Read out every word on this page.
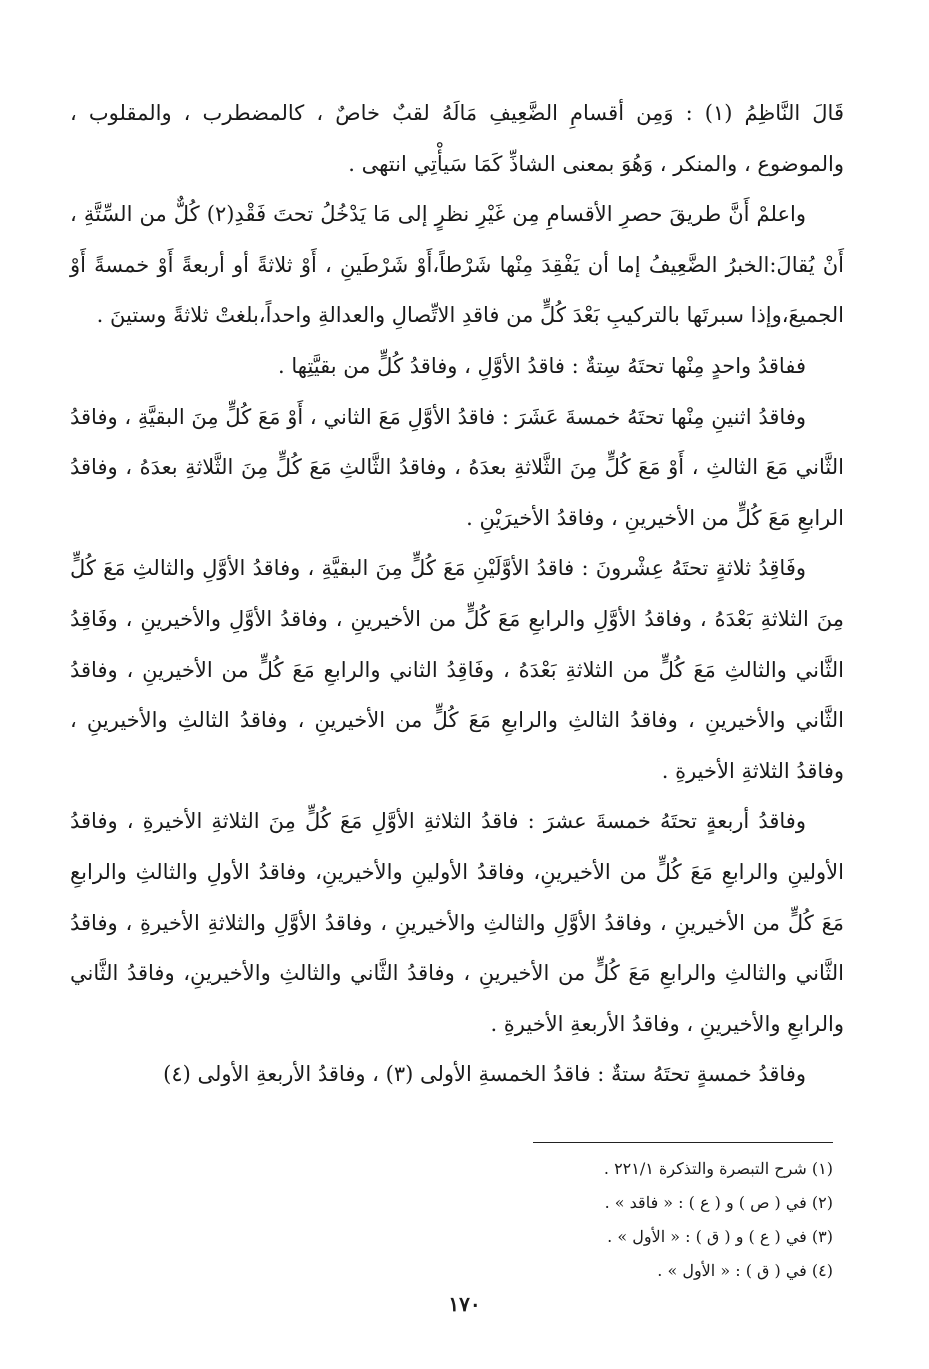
قَالَ النَّاظِمُ (١) : وَمِن أقسامِ الضَّعِيفِ مَالَهُ لقبٌ خاصٌ ، كالمضطرب ، والمقلوب ، والموضوع ، والمنكر ، وَهُوَ بمعنى الشاذِّ كَمَا سَيأْتِي انتهى .

واعلمْ أَنَّ طريقَ حصرِ الأقسامِ مِن غَيْرِ نظرٍ إلى مَا يَدْخُلُ تحتَ فَقْدِ(٢) كُلٌّ من السِّتَّةِ ، أَنْ يُقالَ:الخبرُ الضَّعِيفُ إما أن يَفْقِدَ مِنْها شَرْطاً،أَوْ شَرْطَينِ ، أَوْ ثلاثةً أو أربعةً أَوْ خمسةً أَوْ الجميعَ،وإذا سبرتَها بالتركيبِ بَعْدَ كُلٍّ من فاقدِ الاتِّصالِ والعدالةِ واحداً،بلغتْ ثلاثةً وستينَ .

ففاقدُ واحدٍ مِنْها تحتَهُ سِتةٌ : فاقدُ الأوَّلِ ، وفاقدُ كُلٍّ من بقيَّتِها .

وفاقدُ اثنينِ مِنْها تحتَهُ خمسةَ عَشَرَ : فاقدُ الأوَّلِ مَعَ الثاني ، أَوْ مَعَ كُلٍّ مِنَ البقيَّةِ ، وفاقدُ الثَّاني مَعَ الثالثِ ، أَوْ مَعَ كُلٍّ مِنَ الثَّلاثةِ بعدَهُ ، وفاقدُ الثَّالثِ مَعَ كُلٍّ مِنَ الثَّلاثةِ بعدَهُ ، وفاقدُ الرابعِ مَعَ كُلٍّ من الأخيرينِ ، وفاقدُ الأخيرَيْنِ .

وفَاقِدُ ثلاثةٍ تحتَهُ عِشْرونَ : فاقدُ الأوَّلَيْنِ مَعَ كُلٍّ مِنَ البقيَّةِ ، وفاقدُ الأوَّلِ والثالثِ مَعَ كُلٍّ مِنَ الثلاثةِ بَعْدَهُ ، وفاقدُ الأوَّلِ والرابعِ مَعَ كُلٍّ من الأخيرينِ ، وفاقدُ الأوَّلِ والأخيرينِ ، وفَاقِدُ الثَّاني والثالثِ مَعَ كُلٍّ من الثلاثةِ بَعْدَهُ ، وفَاقِدُ الثاني والرابعِ مَعَ كُلٍّ من الأخيرينِ ، وفاقدُ الثَّاني والأخيرينِ ، وفاقدُ الثالثِ والرابعِ مَعَ كُلٍّ من الأخيرينِ ، وفاقدُ الثالثِ والأخيرينِ ، وفاقدُ الثلاثةِ الأخيرةِ .

وفاقدُ أربعةٍ تحتَهُ خمسةَ عشرَ : فاقدُ الثلاثةِ الأوَّلِ مَعَ كُلٍّ مِنَ الثلاثةِ الأخيرةِ ، وفاقدُ الأولينِ والرابعِ مَعَ كُلٍّ من الأخيرينِ، وفاقدُ الأولينِ والأخيرينِ، وفاقدُ الأولِ والثالثِ والرابعِ مَعَ كُلٍّ من الأخيرينِ ، وفاقدُ الأوَّلِ والثالثِ والأخيرينِ ، وفاقدُ الأوَّلِ والثلاثةِ الأخيرةِ ، وفاقدُ الثَّاني والثالثِ والرابعِ مَعَ كُلٍّ من الأخيرينِ ، وفاقدُ الثَّاني والثالثِ والأخيرينِ، وفاقدُ الثَّاني والرابعِ والأخيرينِ ، وفاقدُ الأربعةِ الأخيرةِ .

وفاقدُ خمسةٍ تحتَهُ ستةٌ : فاقدُ الخمسةِ الأولى (٣) ، وفاقدُ الأربعةِ الأولى (٤)

(١) شرح التبصرة والتذكرة ٢٢١/١ .
(٢) في ( ص ) و ( ع ) : « فاقد » .
(٣) في ( ع ) و ( ق ) : « الأول » .
(٤) في ( ق ) : « الأول » .
١٧٠
